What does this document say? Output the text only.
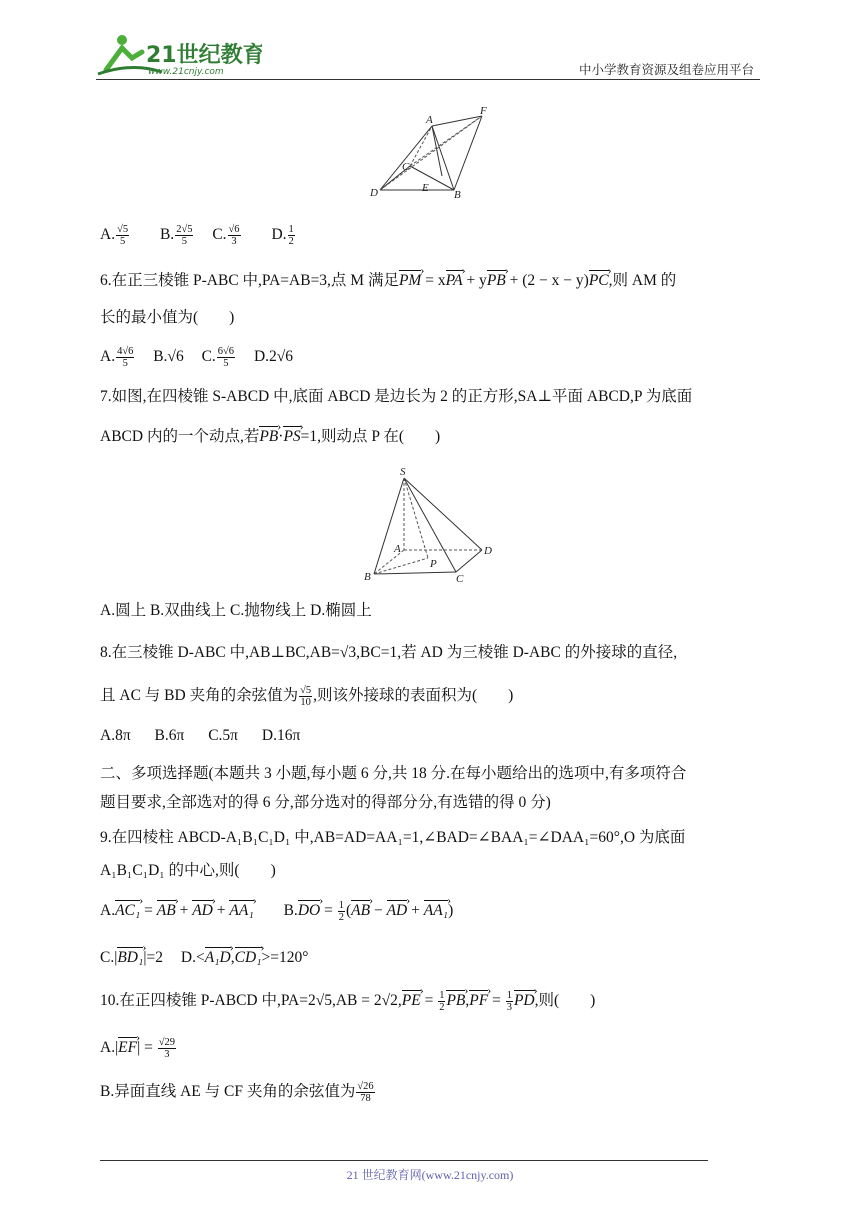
21世纪教育
www.21cnjy.com	中小学教育资源及组卷应用平台
A
F
C
D	E
B
A. $\frac{√5}{5} B$. $\frac{2√5}{5} C$. $\frac{√6}{3} D$. $\frac{1}{2}$
6.在正三棱锥 P-ABC 中,PA=AB=3,点 M 满足PM › = xPA › + yPB › + (2 − x − y)PC ›,则 AM 的
长的最小值为(　　)
A. $\frac{4√6}{5} B.√6$ C. $\frac{6√6}{5} D.2√6$
7.如图,在四棱锥 S-ABCD 中,底面 ABCD 是边长为 2 的正方形,SA⊥平面 ABCD,P 为底面
ABCD 内的一个动点,若PB ›·PS ›=1,则动点 P 在(　　)
S
A	D
P
B	C
A.圆上 B.双曲线上 C.抛物线上 D.椭圆上
8.在三棱锥 D-ABC 中,AB⊥BC,AB=√3,BC=1,若 AD 为三棱锥 D-ABC 的外接球的直径,
且 AC 与 BD 夹角的余弦值为 $\frac{√5}{10}$ ,则该外接球的表面积为(　　)
A.8π B.6π C.5π D.16π
二、多项选择题(本题共 3 小题,每小题 6 分,共 18 分.在每小题给出的选项中,有多项符合
题目要求,全部选对的得 6 分,部分选对的得部分分,有选错的得 0 分)
9.在四棱柱 ABCD-A₁B₁C₁D₁ 中,AB=AD=AA₁=1,∠BAD=∠BAA₁=∠DAA₁=60°,O 为底面
A₁B₁C₁D₁ 的中心,则(　　)
A.AC₁ › = AB › + AD › + AA₁ › B.DO › = $\frac{1}{2} (AB$ › − AD › + AA₁ ›)
C.|BD₁ ›|=2 D.<A₁D ›,CD₁ ›>=120°
10.在正四棱锥 P-ABCD 中,PA=2√5,AB = 2√2,PE › = $\frac{1}{2}$ PB ›,PF › = $\frac{1}{3}$ PD ›,则(　　)
A.|EF ›| = $\frac{√29}{3}$
B.异面直线 AE 与 CF 夹角的余弦值为 $\frac{√26}{78}$
21 世纪教育网(www.21cnjy.com)
